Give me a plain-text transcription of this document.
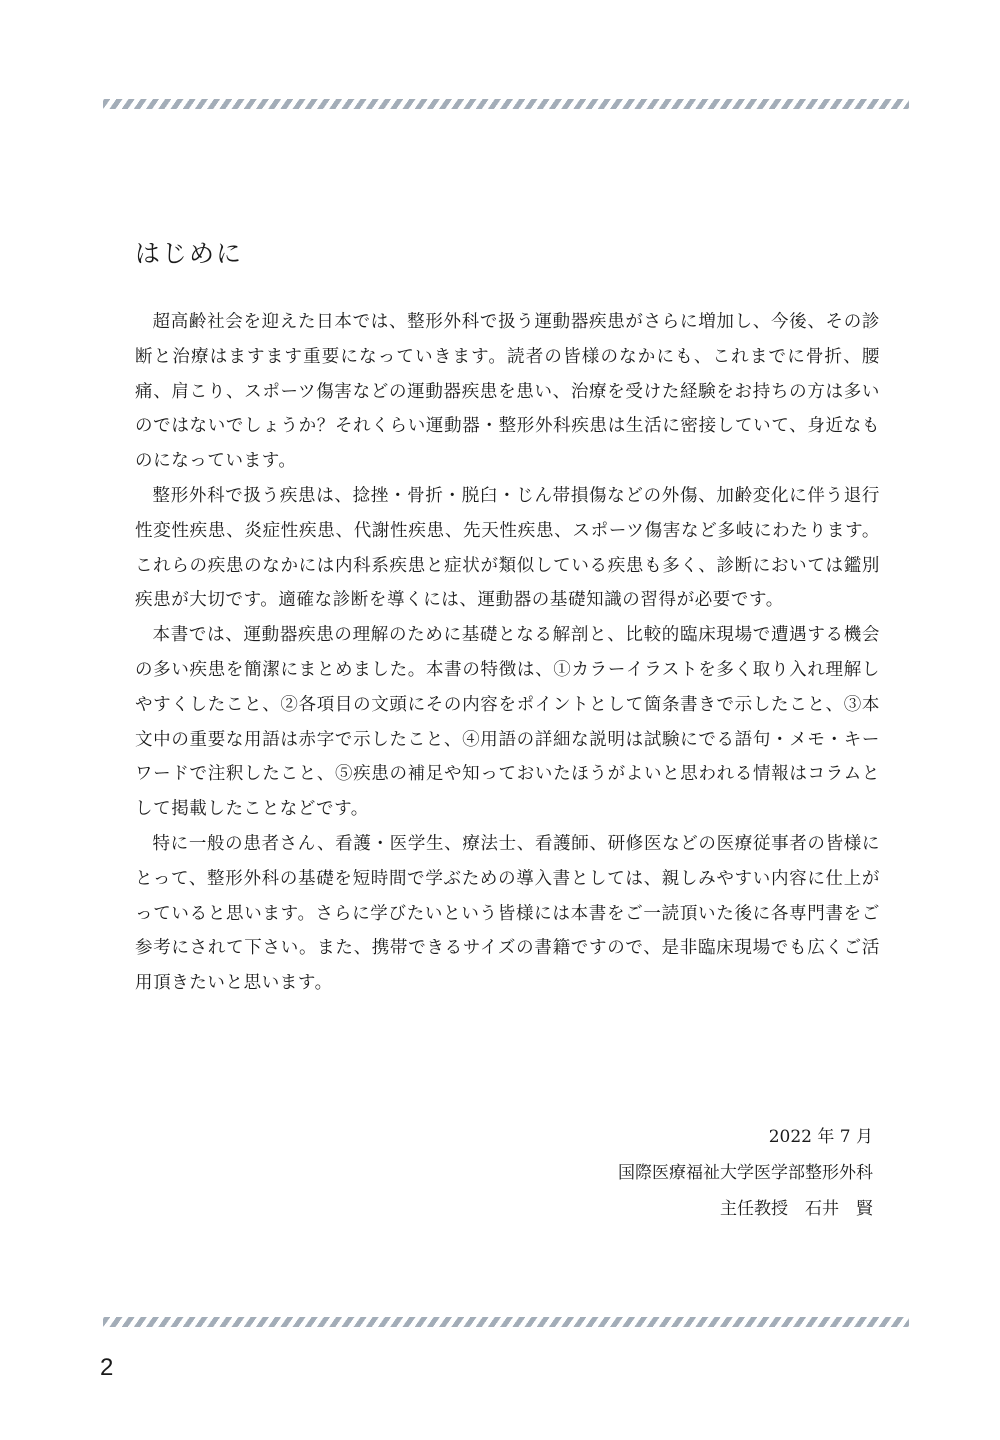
はじめに

超高齢社会を迎えた日本では、整形外科で扱う運動器疾患がさらに増加し、今後、その診断と治療はますます重要になっていきます。読者の皆様のなかにも、これまでに骨折、腰痛、肩こり、スポーツ傷害などの運動器疾患を患い、治療を受けた経験をお持ちの方は多いのではないでしょうか？それくらい運動器・整形外科疾患は生活に密接していて、身近なものになっています。

整形外科で扱う疾患は、捻挫・骨折・脱臼・じん帯損傷などの外傷、加齢変化に伴う退行性変性疾患、炎症性疾患、代謝性疾患、先天性疾患、スポーツ傷害など多岐にわたります。これらの疾患のなかには内科系疾患と症状が類似している疾患も多く、診断においては鑑別疾患が大切です。適確な診断を導くには、運動器の基礎知識の習得が必要です。

本書では、運動器疾患の理解のために基礎となる解剖と、比較的臨床現場で遭遇する機会の多い疾患を簡潔にまとめました。本書の特徴は、①カラーイラストを多く取り入れ理解しやすくしたこと、②各項目の文頭にその内容をポイントとして箇条書きで示したこと、③本文中の重要な用語は赤字で示したこと、④用語の詳細な説明は試験にでる語句・メモ・キーワードで注釈したこと、⑤疾患の補足や知っておいたほうがよいと思われる情報はコラムとして掲載したことなどです。

特に一般の患者さん、看護・医学生、療法士、看護師、研修医などの医療従事者の皆様にとって、整形外科の基礎を短時間で学ぶための導入書としては、親しみやすい内容に仕上がっていると思います。さらに学びたいという皆様には本書をご一読頂いた後に各専門書をご参考にされて下さい。また、携帯できるサイズの書籍ですので、是非臨床現場でも広くご活用頂きたいと思います。

2022 年 7 月
国際医療福祉大学医学部整形外科
主任教授　石井　賢
2
